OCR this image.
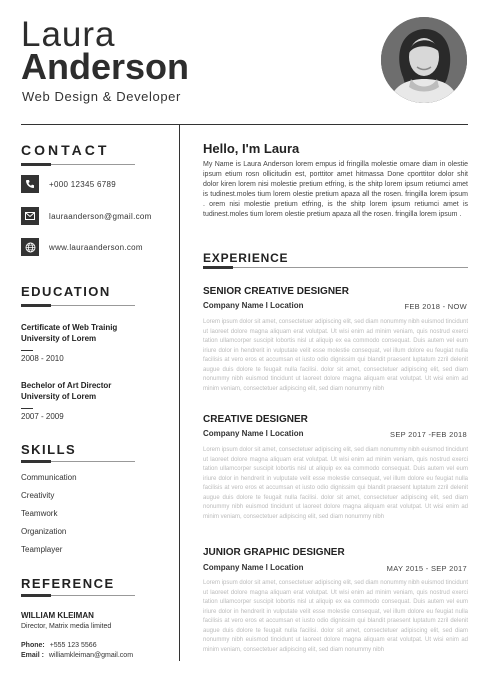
Laura
Anderson
Web Design & Developer
CONTACT
+000 12345 6789
lauraanderson@gmail.com
www.lauraanderson.com
EDUCATION
Certificate of Web Trainig
University of Lorem
2008 - 2010
Bechelor of Art Director
University of Lorem
2007 - 2009
SKILLS
Communication
Creativity
Teamwork
Organization
Teamplayer
REFERENCE
WILLIAM KLEIMAN
Director, Matrix media limited
Phone: +555 123 5566
Email : williamkleiman@gmail.com
Hello, I'm Laura
My Name is Laura Anderson lorem empus id fringilla molestie ornare diam in olestie ipsum etium rosn ollicitudin est, porttitor amet hitmassa Done cporttitor dolor shit dolor kiren lorem nisi molestie pretium etfring, is the shitp lorem ipsum retiumci amet is tudinest.moles tium lorem olestie pretium apaza all the rosen. fringilla lorem ipsum . orem nisi molestie pretium etfring, is the shitp lorem ipsum retiumci amet is tudinest.moles tium lorem olestie pretium apaza all the rosen. fringilla lorem ipsum .
EXPERIENCE
SENIOR CREATIVE DESIGNER
Company Name l Location	FEB 2018 - NOW
Lorem ipsum dolor sit amet, consectetuer adipiscing elit, sed diam nonummy nibh euismod tincidunt ut laoreet dolore magna aliquam erat volutpat. Ut wisi enim ad minim veniam, quis nostrud exerci tation ullamcorper suscipit lobortis nisl ut aliquip ex ea commodo consequat. Duis autem vel eum iriure dolor in hendrerit in vulputate velit esse molestie consequat, vel illum dolore eu feugiat nulla facilisis at vero eros et accumsan et iusto odio dignissim qui blandit praesent luptatum zzril delenit augue duis dolore te feugait nulla facilisi. dolor sit amet, consectetuer adipiscing elit, sed diam nonummy nibh euismod tincidunt ut laoreet dolore magna aliquam erat volutpat. Ut wisi enim ad minim veniam, consectetuer adipiscing elit, sed diam nonummy nibh
CREATIVE DESIGNER
Company Name l Location	SEP 2017 -FEB 2018
Lorem ipsum dolor sit amet, consectetuer adipiscing elit, sed diam nonummy nibh euismod tincidunt ut laoreet dolore magna aliquam erat volutpat. Ut wisi enim ad minim veniam, quis nostrud exerci tation ullamcorper suscipit lobortis nisl ut aliquip ex ea commodo consequat. Duis autem vel eum iriure dolor in hendrerit in vulputate velit esse molestie consequat, vel illum dolore eu feugiat nulla facilisis at vero eros et accumsan et iusto odio dignissim qui blandit praesent luptatum zzril delenit augue duis dolore te feugait nulla facilisi. dolor sit amet, consectetuer adipiscing elit, sed diam nonummy nibh euismod tincidunt ut laoreet dolore magna aliquam erat volutpat. Ut wisi enim ad minim veniam, consectetuer adipiscing elit, sed diam nonummy nibh
JUNIOR GRAPHIC DESIGNER
Company Name l Location	MAY 2015 - SEP 2017
Lorem ipsum dolor sit amet, consectetuer adipiscing elit, sed diam nonummy nibh euismod tincidunt ut laoreet dolore magna aliquam erat volutpat. Ut wisi enim ad minim veniam, quis nostrud exerci tation ullamcorper suscipit lobortis nisl ut aliquip ex ea commodo consequat. Duis autem vel eum iriure dolor in hendrerit in vulputate velit esse molestie consequat, vel illum dolore eu feugiat nulla facilisis at vero eros et accumsan et iusto odio dignissim qui blandit praesent luptatum zzril delenit augue duis dolore te feugait nulla facilisi. dolor sit amet, consectetuer adipiscing elit, sed diam nonummy nibh euismod tincidunt ut laoreet dolore magna aliquam erat volutpat. Ut wisi enim ad minim veniam, consectetuer adipiscing elit, sed diam nonummy nibh
